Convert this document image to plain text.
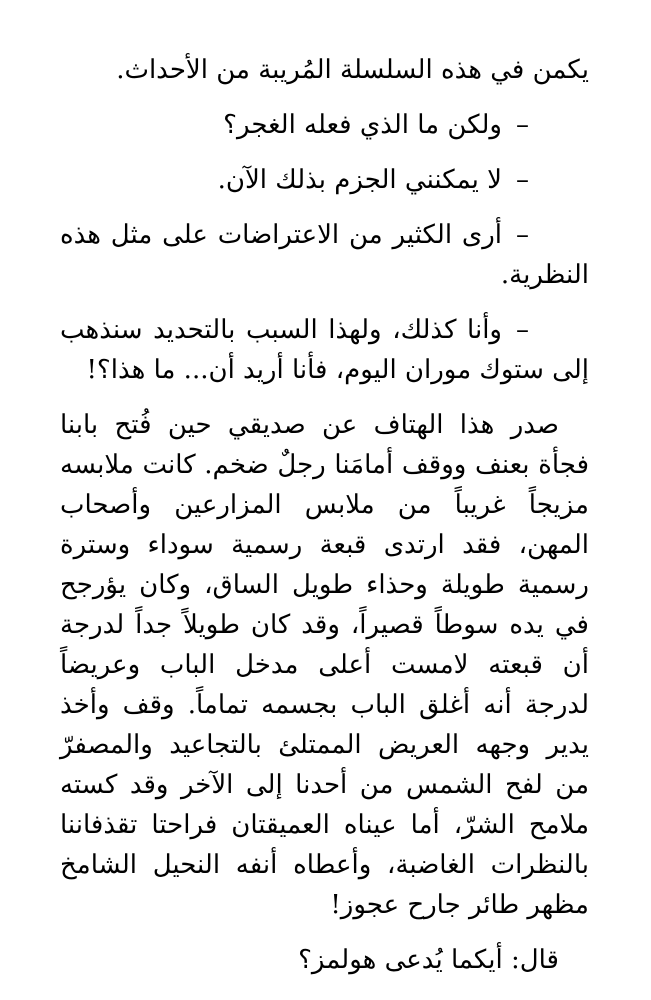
يكمن في هذه السلسلة المُريبة من الأحداث.

–ولكن ما الذي فعله الغجر؟

–لا يمكنني الجزم بذلك الآن.

–أرى الكثير من الاعتراضات على مثل هذه النظرية.

–وأنا كذلك، ولهذا السبب بالتحديد سنذهب إلى ستوك موران اليوم، فأنا أريد أن... ما هذا؟!

صدر هذا الهتاف عن صديقي حين فُتح بابنا فجأة بعنف ووقف أمامَنا رجلٌ ضخم. كانت ملابسه مزيجاً غريباً من ملابس المزارعين وأصحاب المهن، فقد ارتدى قبعة رسمية سوداء وسترة رسمية طويلة وحذاء طويل الساق، وكان يؤرجح في يده سوطاً قصيراً، وقد كان طويلاً جداً لدرجة أن قبعته لامست أعلى مدخل الباب وعريضاً لدرجة أنه أغلق الباب بجسمه تماماً. وقف وأخذ يدير وجهه العريض الممتلئ بالتجاعيد والمصفرّ من لفح الشمس من أحدنا إلى الآخر وقد كسته ملامح الشرّ، أما عيناه العميقتان فراحتا تقذفاننا بالنظرات الغاضبة، وأعطاه أنفه النحيل الشامخ مظهر طائر جارح عجوز!

قال: أيكما يُدعى هولمز؟
